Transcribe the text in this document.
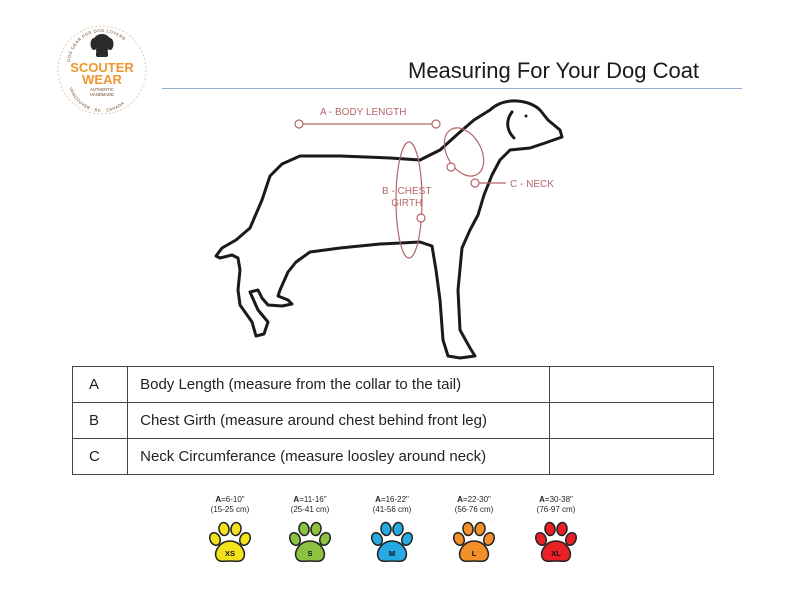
DOG GEAR FOR DOG LOVERS
SCOUTER
WEAR
AUTHENTIC
HANDMADE
VANCOUVER · BC · CANADA
Measuring For Your Dog Coat
A - BODY LENGTH
B - CHEST
GIRTH
C - NECK
A	Body Length (measure from the collar to the tail)	
B	Chest Girth (measure around chest behind front leg)	
C	Neck Circumferance (measure loosley around neck)	
A=6-10"
(15-25 cm)
XS
A=11-16"
(25-41 cm)
S
A=16-22"
(41-56 cm)
M
A=22-30"
(56-76 cm)
L
A=30-38"
(76-97 cm)
XL
